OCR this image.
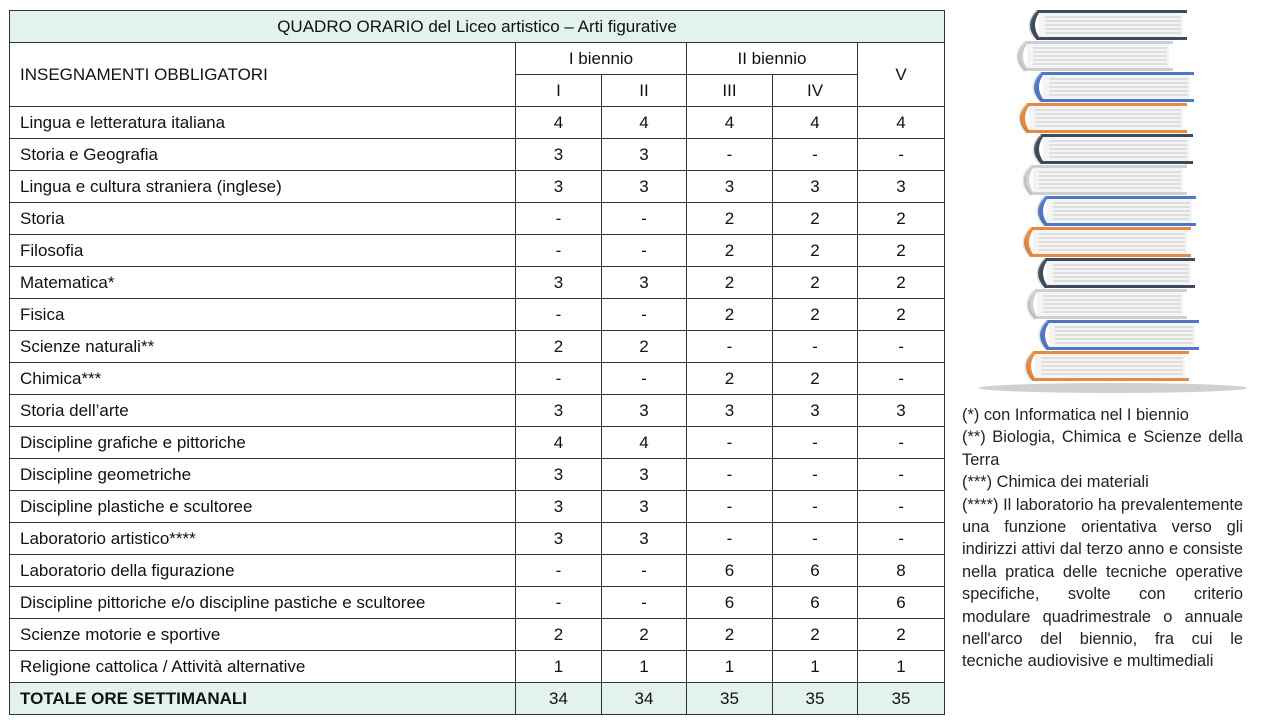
QUADRO ORARIO del Liceo artistico – Arti figurative					
INSEGNAMENTI OBBLIGATORI	I biennio		II biennio		V
	I	II	III	IV	
Lingua e letteratura italiana	4	4	4	4	4
Storia e Geografia	3	3	-	-	-
Lingua e cultura straniera (inglese)	3	3	3	3	3
Storia	-	-	2	2	2
Filosofia	-	-	2	2	2
Matematica*	3	3	2	2	2
Fisica	-	-	2	2	2
Scienze naturali**	2	2	-	-	-
Chimica***	-	-	2	2	-
Storia dell’arte	3	3	3	3	3
Discipline grafiche e pittoriche	4	4	-	-	-
Discipline geometriche	3	3	-	-	-
Discipline plastiche e scultoree	3	3	-	-	-
Laboratorio artistico****	3	3	-	-	-
Laboratorio della figurazione	-	-	6	6	8
Discipline pittoriche e/o discipline pastiche e scultoree	-	-	6	6	6
Scienze motorie e sportive	2	2	2	2	2
Religione cattolica / Attività alternative	1	1	1	1	1
TOTALE ORE SETTIMANALI	34	34	35	35	35
(*) con Informatica nel I biennio
(**) Biologia, Chimica e Scienze della Terra
(***) Chimica dei materiali
(****) Il laboratorio ha prevalentemente una funzione orientativa verso gli indirizzi attivi dal terzo anno e consiste nella pratica delle tecniche operative specifiche, svolte con criterio modulare quadrimestrale o annuale nell'arco del biennio, fra cui le tecniche audiovisive e multimediali
